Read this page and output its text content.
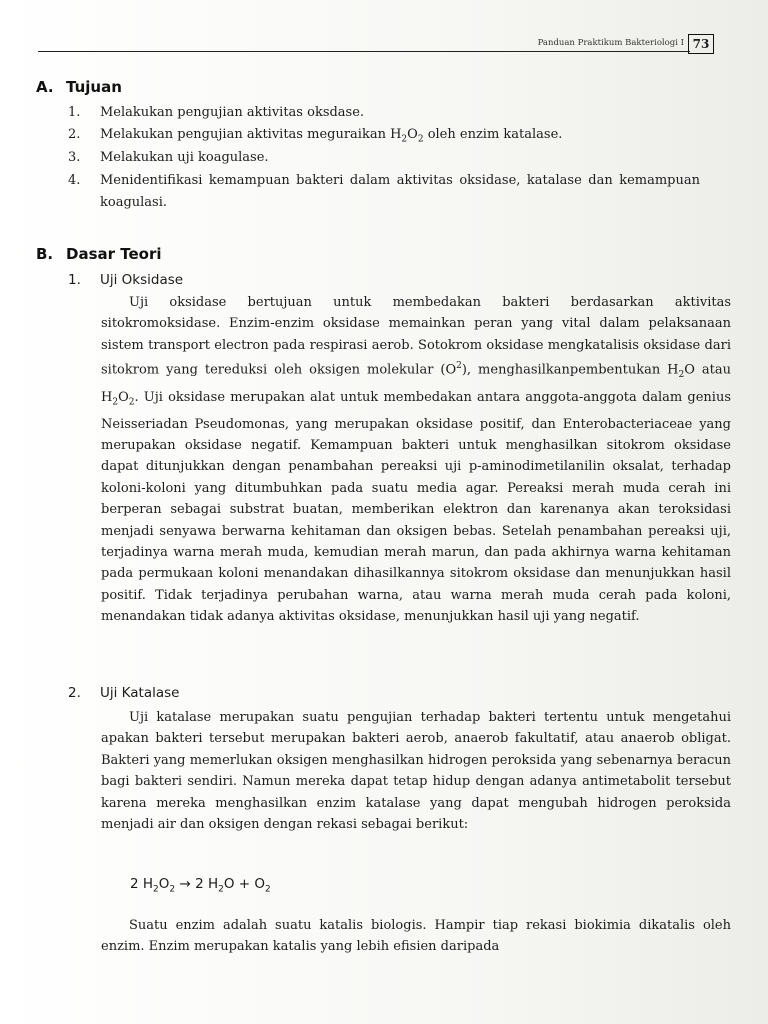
Panduan Praktikum Bakteriologi I 73
A. Tujuan
1. Melakukan pengujian aktivitas oksdase.
2. Melakukan pengujian aktivitas meguraikan $H_2O_2$ oleh enzim katalase.
3. Melakukan uji koagulase.
4. Menidentifikasi kemampuan bakteri dalam aktivitas oksidase, katalase dan kemampuan koagulasi.
B. Dasar Teori
1. Uji Oksidase
Uji oksidase bertujuan untuk membedakan bakteri berdasarkan aktivitas sitokromoksidase. Enzim-enzim oksidase memainkan peran yang vital dalam pelaksanaan sistem transport electron pada respirasi aerob. Sotokrom oksidase mengkatalisis oksidase dari sitokrom yang tereduksi oleh oksigen molekular $(O^2)$, menghasilkanpembentukan $H_2O$ atau $H_2O_2$. Uji oksidase merupakan alat untuk membedakan antara anggota-anggota dalam genius Neisseriadan Pseudomonas, yang merupakan oksidase positif, dan Enterobacteriaceae yang merupakan oksidase negatif. Kemampuan bakteri untuk menghasilkan sitokrom oksidase dapat ditunjukkan dengan penambahan pereaksi uji p-aminodimetilanilin oksalat, terhadap koloni-koloni yang ditumbuhkan pada suatu media agar. Pereaksi merah muda cerah ini berperan sebagai substrat buatan, memberikan elektron dan karenanya akan teroksidasi menjadi senyawa berwarna kehitaman dan oksigen bebas. Setelah penambahan pereaksi uji, terjadinya warna merah muda, kemudian merah marun, dan pada akhirnya warna kehitaman pada permukaan koloni menandakan dihasilkannya sitokrom oksidase dan menunjukkan hasil positif. Tidak terjadinya perubahan warna, atau warna merah muda cerah pada koloni, menandakan tidak adanya aktivitas oksidase, menunjukkan hasil uji yang negatif.
2. Uji Katalase
Uji katalase merupakan suatu pengujian terhadap bakteri tertentu untuk mengetahui apakan bakteri tersebut merupakan bakteri aerob, anaerob fakultatif, atau anaerob obligat. Bakteri yang memerlukan oksigen menghasilkan hidrogen peroksida yang sebenarnya beracun bagi bakteri sendiri. Namun mereka dapat tetap hidup dengan adanya antimetabolit tersebut karena mereka menghasilkan enzim katalase yang dapat mengubah hidrogen peroksida menjadi air dan oksigen dengan rekasi sebagai berikut:
2 $H_2O_2 \to 2$ $H_2O + O_2$
Suatu enzim adalah suatu katalis biologis. Hampir tiap rekasi biokimia dikatalis oleh enzim. Enzim merupakan katalis yang lebih efisien daripada
